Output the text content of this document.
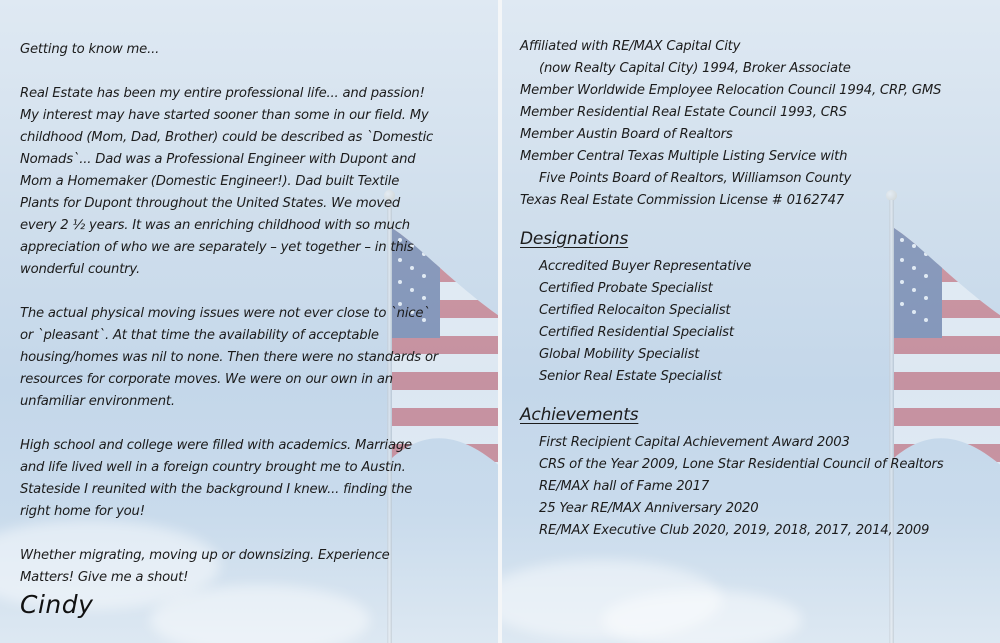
Getting to know me...

Real Estate has been my entire professional life... and passion! My interest may have started sooner than some in our field. My childhood (Mom, Dad, Brother) could be described as `Domestic Nomads`... Dad was a Professional Engineer with Dupont and Mom a Homemaker (Domestic Engineer!). Dad built Textile Plants for Dupont throughout the United States. We moved every 2 ½ years. It was an enriching childhood with so much appreciation of who we are separately – yet together – in this wonderful country.

The actual physical moving issues were not ever close to `nice` or `pleasant`. At that time the availability of acceptable housing/homes was nil to none. Then there were no standards or resources for corporate moves. We were on our own in an unfamiliar environment.

High school and college were filled with academics. Marriage and life lived well in a foreign country brought me to Austin. Stateside I reunited with the background I knew... finding the right home for you!

Whether migrating, moving up or downsizing. Experience Matters! Give me a shout!

Cindy
Affiliated with RE/MAX Capital City
(now Realty Capital City) 1994, Broker Associate
Member Worldwide Employee Relocation Council 1994, CRP, GMS
Member Residential Real Estate Council 1993, CRS
Member Austin Board of Realtors
Member Central Texas Multiple Listing Service with
Five Points Board of Realtors, Williamson County
Texas Real Estate Commission License # 0162747
Designations
Accredited Buyer Representative
Certified Probate Specialist
Certified Relocaiton Specialist
Certified Residential Specialist
Global Mobility Specialist
Senior Real Estate Specialist
Achievements
First Recipient Capital Achievement Award 2003
CRS of the Year 2009, Lone Star Residential Council of Realtors
RE/MAX hall of Fame 2017
25 Year RE/MAX Anniversary 2020
RE/MAX Executive Club 2020, 2019, 2018, 2017, 2014, 2009
